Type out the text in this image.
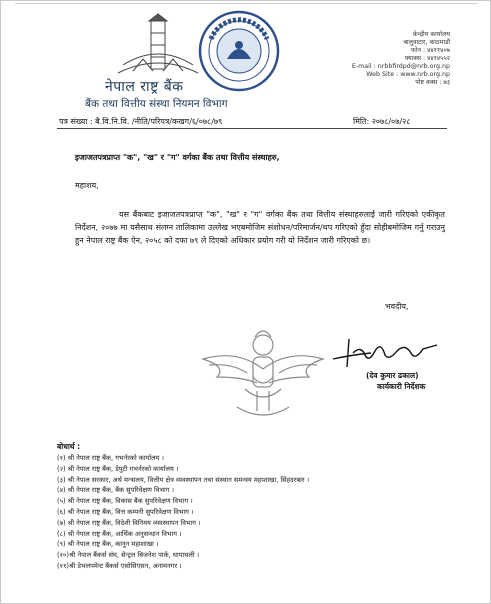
केन्द्रीय कार्यालय
बालुवाटार, काठमाडौं
फोन : ४४११४०७
फ्याक्स : ४४१४५५२
E-mail : nrbbfirdpd@nrb.org.np
Web Site : www.nrb.org.np
पोष्ट बक्स : ७३
नेपाल राष्ट्र बैंक
बैंक तथा वित्तीय संस्था नियमन विभाग
पत्र संख्या : बै.वि.नि.वि. /नीति/परिपत्र/कखग/६/०७८/७९	मिति: २०७८/०७/२८
इजाजतपत्रप्राप्त "क", "ख" र "ग" वर्गका बैंक तथा वित्तीय संस्थाहरु,
महाशय,
यस बैंकबाट इजाजतपत्रप्राप्त "क", "ख" र "ग" वर्गका बैंक तथा वित्तीय संस्थाहरुलाई जारी गरिएको एकीकृत निर्देशन, २०७७ मा यसैसाथ संलग्न तालिकामा उल्लेख भएबमोजिम संशोधन/परिमार्जन/थप गरिएको हुँदा सोहीबमोजिम गर्नु गराउनु हुन नेपाल राष्ट्र बैंक ऐन, २०५८ को दफा ७९ ले दिएको अधिकार प्रयोग गरी यो निर्देशन जारी गरिएको छ।
भवदीय,
(देव कुमार ढकाल)
कार्यकारी निर्देशक
बोधार्थ :
(१) श्री नेपाल राष्ट्र बैंक, गभर्नरको कार्यालय ।
(२) श्री नेपाल राष्ट्र बैंक, डेपुटी गभर्नरको कार्यालय ।
(३) श्री नेपाल सरकार, अर्थ मन्त्रालय, वित्तीय क्षेत्र व्यवस्थापन तथा संस्थान समन्वय महाशाखा, सिंहदरबार ।
(४) श्री नेपाल राष्ट्र बैंक, बैंक सुपरिवेक्षण विभाग ।
(५) श्री नेपाल राष्ट्र बैंक, विकास बैंक सुपरिवेक्षण विभाग ।
(६) श्री नेपाल राष्ट्र बैंक, वित्त कम्पनी सुपरिवेक्षण विभाग ।
(७) श्री नेपाल राष्ट्र बैंक, विदेशी विनिमय व्यवस्थापन विभाग ।
(८) श्री नेपाल राष्ट्र बैंक, आर्थिक अनुसन्धान विभाग ।
(९) श्री नेपाल राष्ट्र बैंक, कानुन महाशाखा ।
(१०)श्री नेपाल बैंकर्स संघ, सेन्ट्रल बिजनेश पार्क, थापाथली ।
(११)श्री डेभलपमेन्ट बैंकर्स एसोसिएसन, अनामनगर ।
